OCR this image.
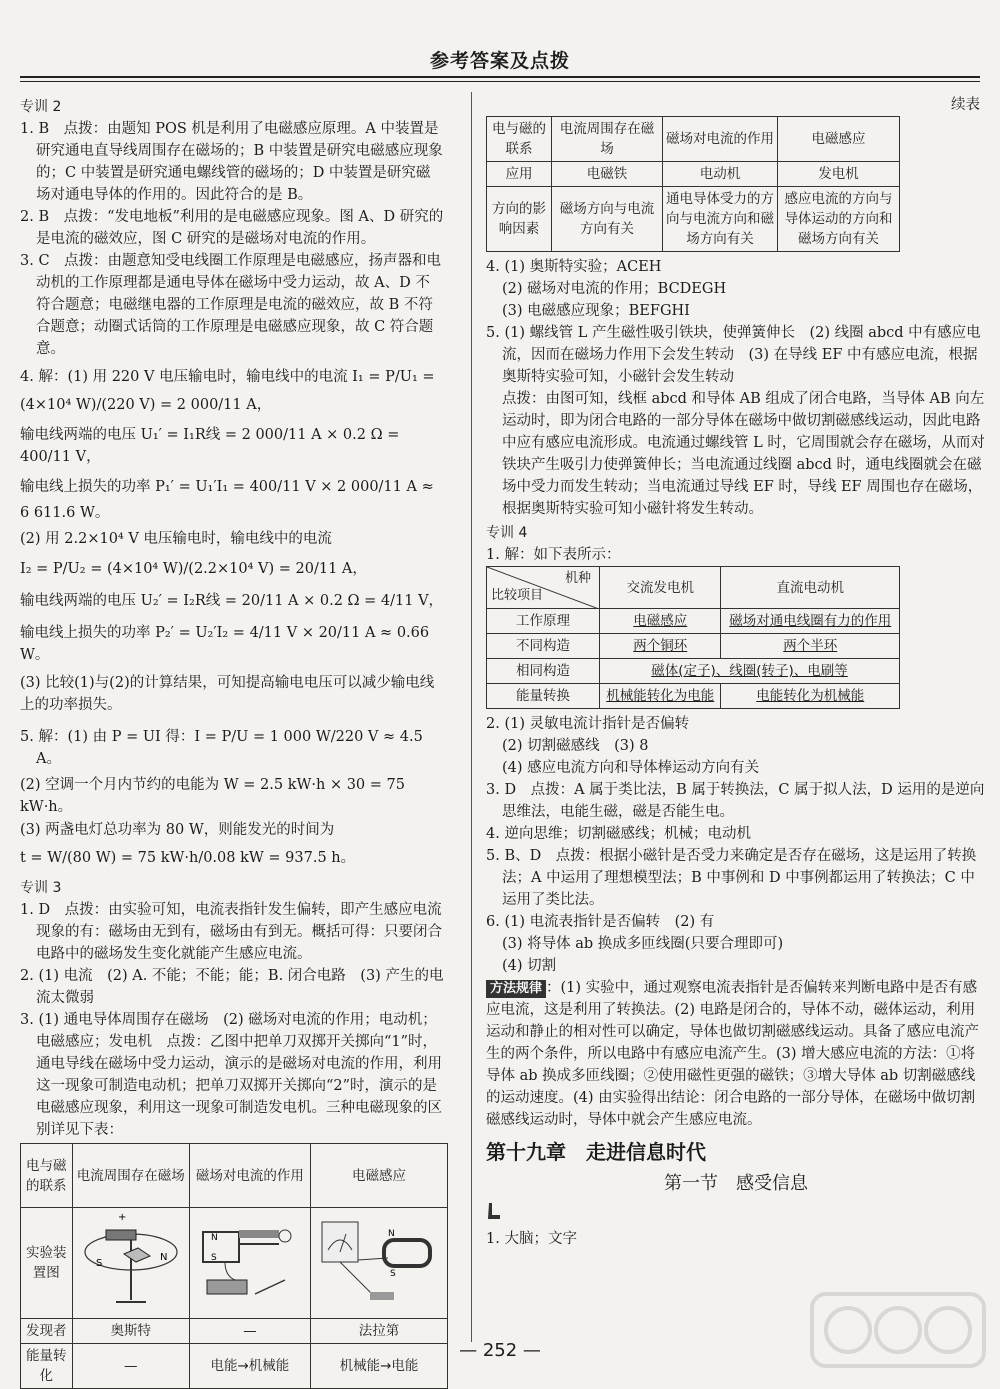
参考答案及点拨

专训 2

1. B　点拨：由题知 POS 机是利用了电磁感应原理。A 中装置是研究通电直导线周围存在磁场的；B 中装置是研究电磁感应现象的；C 中装置是研究通电螺线管的磁场的；D 中装置是研究磁场对通电导体的作用的。因此符合的是 B。

2. B　点拨：“发电地板”利用的是电磁感应现象。图 A、D 研究的是电流的磁效应，图 C 研究的是磁场对电流的作用。

3. C　点拨：由题意知受电线圈工作原理是电磁感应，扬声器和电动机的工作原理都是通电导体在磁场中受力运动，故 A、D 不符合题意；电磁继电器的工作原理是电流的磁效应，故 B 不符合题意；动圈式话筒的工作原理是电磁感应现象，故 C 符合题意。

4. 解：(1) 用 220 V 电压输电时，输电线中的电流 I₁ = P/U₁ =

(4×10⁴ W)/(220 V) = 2 000/11 A，

输电线两端的电压 U₁′ = I₁R线 = 2 000/11 A × 0.2 Ω = 400/11 V，

输电线上损失的功率 P₁′ = U₁′I₁ = 400/11 V × 2 000/11 A ≈

6 611.6 W。

(2) 用 2.2×10⁴ V 电压输电时，输电线中的电流

I₂ = P/U₂ = (4×10⁴ W)/(2.2×10⁴ V) = 20/11 A，

输电线两端的电压 U₂′ = I₂R线 = 20/11 A × 0.2 Ω = 4/11 V，

输电线上损失的功率 P₂′ = U₂′I₂ = 4/11 V × 20/11 A ≈ 0.66 W。

(3) 比较(1)与(2)的计算结果，可知提高输电电压可以减少输电线上的功率损失。

5. 解：(1) 由 P = UI 得：I = P/U = 1 000 W/220 V ≈ 4.5 A。

(2) 空调一个月内节约的电能为 W = 2.5 kW·h × 30 = 75 kW·h。

(3) 两盏电灯总功率为 80 W，则能发光的时间为

t = W/(80 W) = 75 kW·h/0.08 kW = 937.5 h。

专训 3

1. D　点拨：由实验可知，电流表指针发生偏转，即产生感应电流现象的有：磁场由无到有，磁场由有到无。概括可得：只要闭合电路中的磁场发生变化就能产生感应电流。

2. (1) 电流　(2) A. 不能；不能；能；B. 闭合电路　(3) 产生的电流太微弱

3. (1) 通电导体周围存在磁场　(2) 磁场对电流的作用；电动机；电磁感应；发电机　点拨：乙图中把单刀双掷开关掷向“1”时，通电导线在磁场中受力运动，演示的是磁场对电流的作用，利用这一现象可制造电动机；把单刀双掷开关掷向“2”时，演示的是电磁感应现象，利用这一现象可制造发电机。三种电磁现象的区别详见下表：

电与磁的联系	电流周围存在磁场	磁场对电流的作用	电磁感应
实验装置图	+
S
N	N
S	N
S

发现者	奥斯特	—	法拉第
能量转化	—	电能→机械能	机械能→电能

续表

电与磁的联系	电流周围存在磁场	磁场对电流的作用	电磁感应
应用	电磁铁	电动机	发电机
方向的影响因素	磁场方向与电流方向有关	通电导体受力的方向与电流方向和磁场方向有关	感应电流的方向与导体运动的方向和磁场方向有关

4. (1) 奥斯特实验；ACEH

(2) 磁场对电流的作用；BCDEGH

(3) 电磁感应现象；BEFGHI

5. (1) 螺线管 L 产生磁性吸引铁块，使弹簧伸长　(2) 线圈 abcd 中有感应电流，因而在磁场力作用下会发生转动　(3) 在导线 EF 中有感应电流，根据奥斯特实验可知，小磁针会发生转动

点拨：由图可知，线框 abcd 和导体 AB 组成了闭合电路，当导体 AB 向左运动时，即为闭合电路的一部分导体在磁场中做切割磁感线运动，因此电路中应有感应电流形成。电流通过螺线管 L 时，它周围就会存在磁场，从而对铁块产生吸引力使弹簧伸长；当电流通过线圈 abcd 时，通电线圈就会在磁场中受力而发生转动；当电流通过导线 EF 时，导线 EF 周围也存在磁场，根据奥斯特实验可知小磁针将发生转动。

专训 4

1. 解：如下表所示：

机种
比较项目	交流发电机	直流电动机
工作原理	电磁感应	磁场对通电线圈有力的作用
不同构造	两个铜环	两个半环
相同构造	磁体(定子)、线圈(转子)、电刷等	
能量转换	机械能转化为电能	电能转化为机械能

2. (1) 灵敏电流计指针是否偏转

(2) 切割磁感线　(3) 8

(4) 感应电流方向和导体棒运动方向有关

3. D　点拨：A 属于类比法，B 属于转换法，C 属于拟人法，D 运用的是逆向思维法，电能生磁，磁是否能生电。

4. 逆向思维；切割磁感线；机械；电动机

5. B、D　点拨：根据小磁针是否受力来确定是否存在磁场，这是运用了转换法；A 中运用了理想模型法；B 中事例和 D 中事例都运用了转换法；C 中运用了类比法。

6. (1) 电流表指针是否偏转　(2) 有

(3) 将导体 ab 换成多匝线圈(只要合理即可)

(4) 切割

方法规律 ：(1) 实验中，通过观察电流表指针是否偏转来判断电路中是否有感应电流，这是利用了转换法。(2) 电路是闭合的，导体不动，磁体运动，利用运动和静止的相对性可以确定，导体也做切割磁感线运动。具备了感应电流产生的两个条件，所以电路中有感应电流产生。(3) 增大感应电流的方法：①将导体 ab 换成多匝线圈；②使用磁性更强的磁铁；③增大导体 ab 切割磁感线的运动速度。(4) 由实验得出结论：闭合电路的一部分导体，在磁场中做切割磁感线运动时，导体中就会产生感应电流。

第十九章　走进信息时代

第一节　感受信息

1. 大脑；文字

— 252 —
